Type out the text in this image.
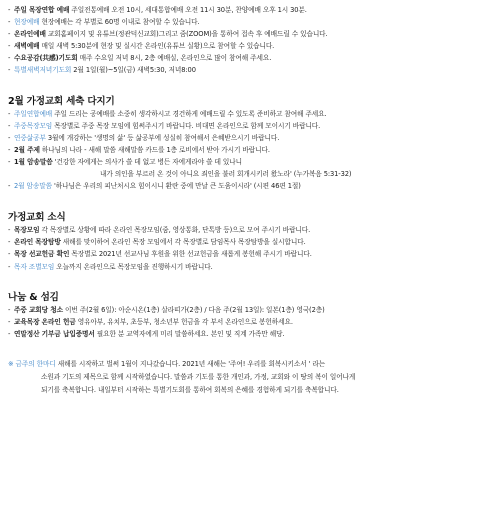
- 주일 목장연합 예배 주일전통예배 오전 10시, 세대통합예배 오전 11시 30분, 찬양예배 오후 1시 30분.
- 현장예배 현장예배는 각 부별로 60명 이내로 참여할 수 있습니다.
- 온라인예배 교회홈페이지 및 유튜브(정관덕신교회)그리고 줌(ZOOM)을 통하여 접속 후 예배드릴 수 있습니다.
- 새벽예배 매일 새벽 5:30분에 현장 및 실시간 온라인(유튜브 실황)으로 참여할 수 있습니다.
- 수요공감(共感)기도회 매주 수요일 저녁 8시, 2층 예배실, 온라인으로 많이 참여해 주세요.
- 특별새벽저녁기도회 2월 1일(월)~5일(금) 새벽5:30, 저녁8:00
2월 가정교회 세축 다지기
- 주일연합예배 주일 드리는 공예배를 소중히 생각하시고 경건하게 예배드릴 수 있도록 준비하고 참여해 주세요.
- 주중목장모임 목장별로 주중 목장 모임에 힘써주시기 바랍니다. 비대면 온라인으로 함께 모이시기 바랍니다.
- 연중삶공부 3월에 개강하는 '생명의 삶' 등 삶공부에 성실히 참여해서 은혜받으시기 바랍니다.
- 2월 주제 하나님의 나라 - 새해 말씀 새해말씀 카드를 1층 로비에서 받아 가시기 바랍니다.
- 1월 암송말씀 '건강한 자에게는 의사가 쓸 데 없고 병든 자에게라야 쓸 데 있나니
내가 의인을 부르러 온 것이 아니요 죄인을 불러 회개시키러 왔노라' (누가복음 5:31-32)
- 2월 암송말씀 '하나님은 우리의 피난처시요 힘이시니 환란 중에 만날 큰 도움이시라' (시편 46편 1절)
가정교회 소식
- 목장모임 각 목장별로 상황에 따라 온라인 목장모임(줌, 영상통화, 단톡방 등)으로 모여 주시기 바랍니다.
- 온라인 목장탐방 새해를 맞이하여 온라인 목장 모임에서 각 목장별로 담임목사 목장탐방을 실시합니다.
- 목장 선교헌금 확인 목장별로 2021년 선교사님 후원을 위한 선교헌금을 새롭게 봉헌해 주시기 바랍니다.
- 목자 조별모임 오늘까지 온라인으로 목장모임을 진행하시기 바랍니다.
나눔 & 섬김
- 주중 교회당 청소 이번 주(2월 6일): 아순시온(1층) 살라띠가(2층) / 다음 주(2월 13일): 일본(1층) 영국(2층)
- 교육목장 온라인 헌금 영유아부, 유치부, 초등부, 청소년부 헌금을 각 부서 온라인으로 봉헌하세요.
- 연말정산 기부금 납입증명서 필요한 분 교역자에게 미리 말씀하세요. 본인 및 직계 가족만 해당.
※ 금주의 한마디 새해를 시작하고 벌써 1월이 지나갔습니다. 2021년 새해는 '주여! 우리를 회복시키소서 ' 라는
소원과 기도의 제목으로 함께 시작하였습니다. 말씀과 기도를 통한 개인과, 가정, 교회와 이 땅의 복이 일어나게
되기를 축복합니다. 내일부터 시작하는 특별기도회를 통하여 회복의 은혜를 경험하게 되기를 축복합니다.
